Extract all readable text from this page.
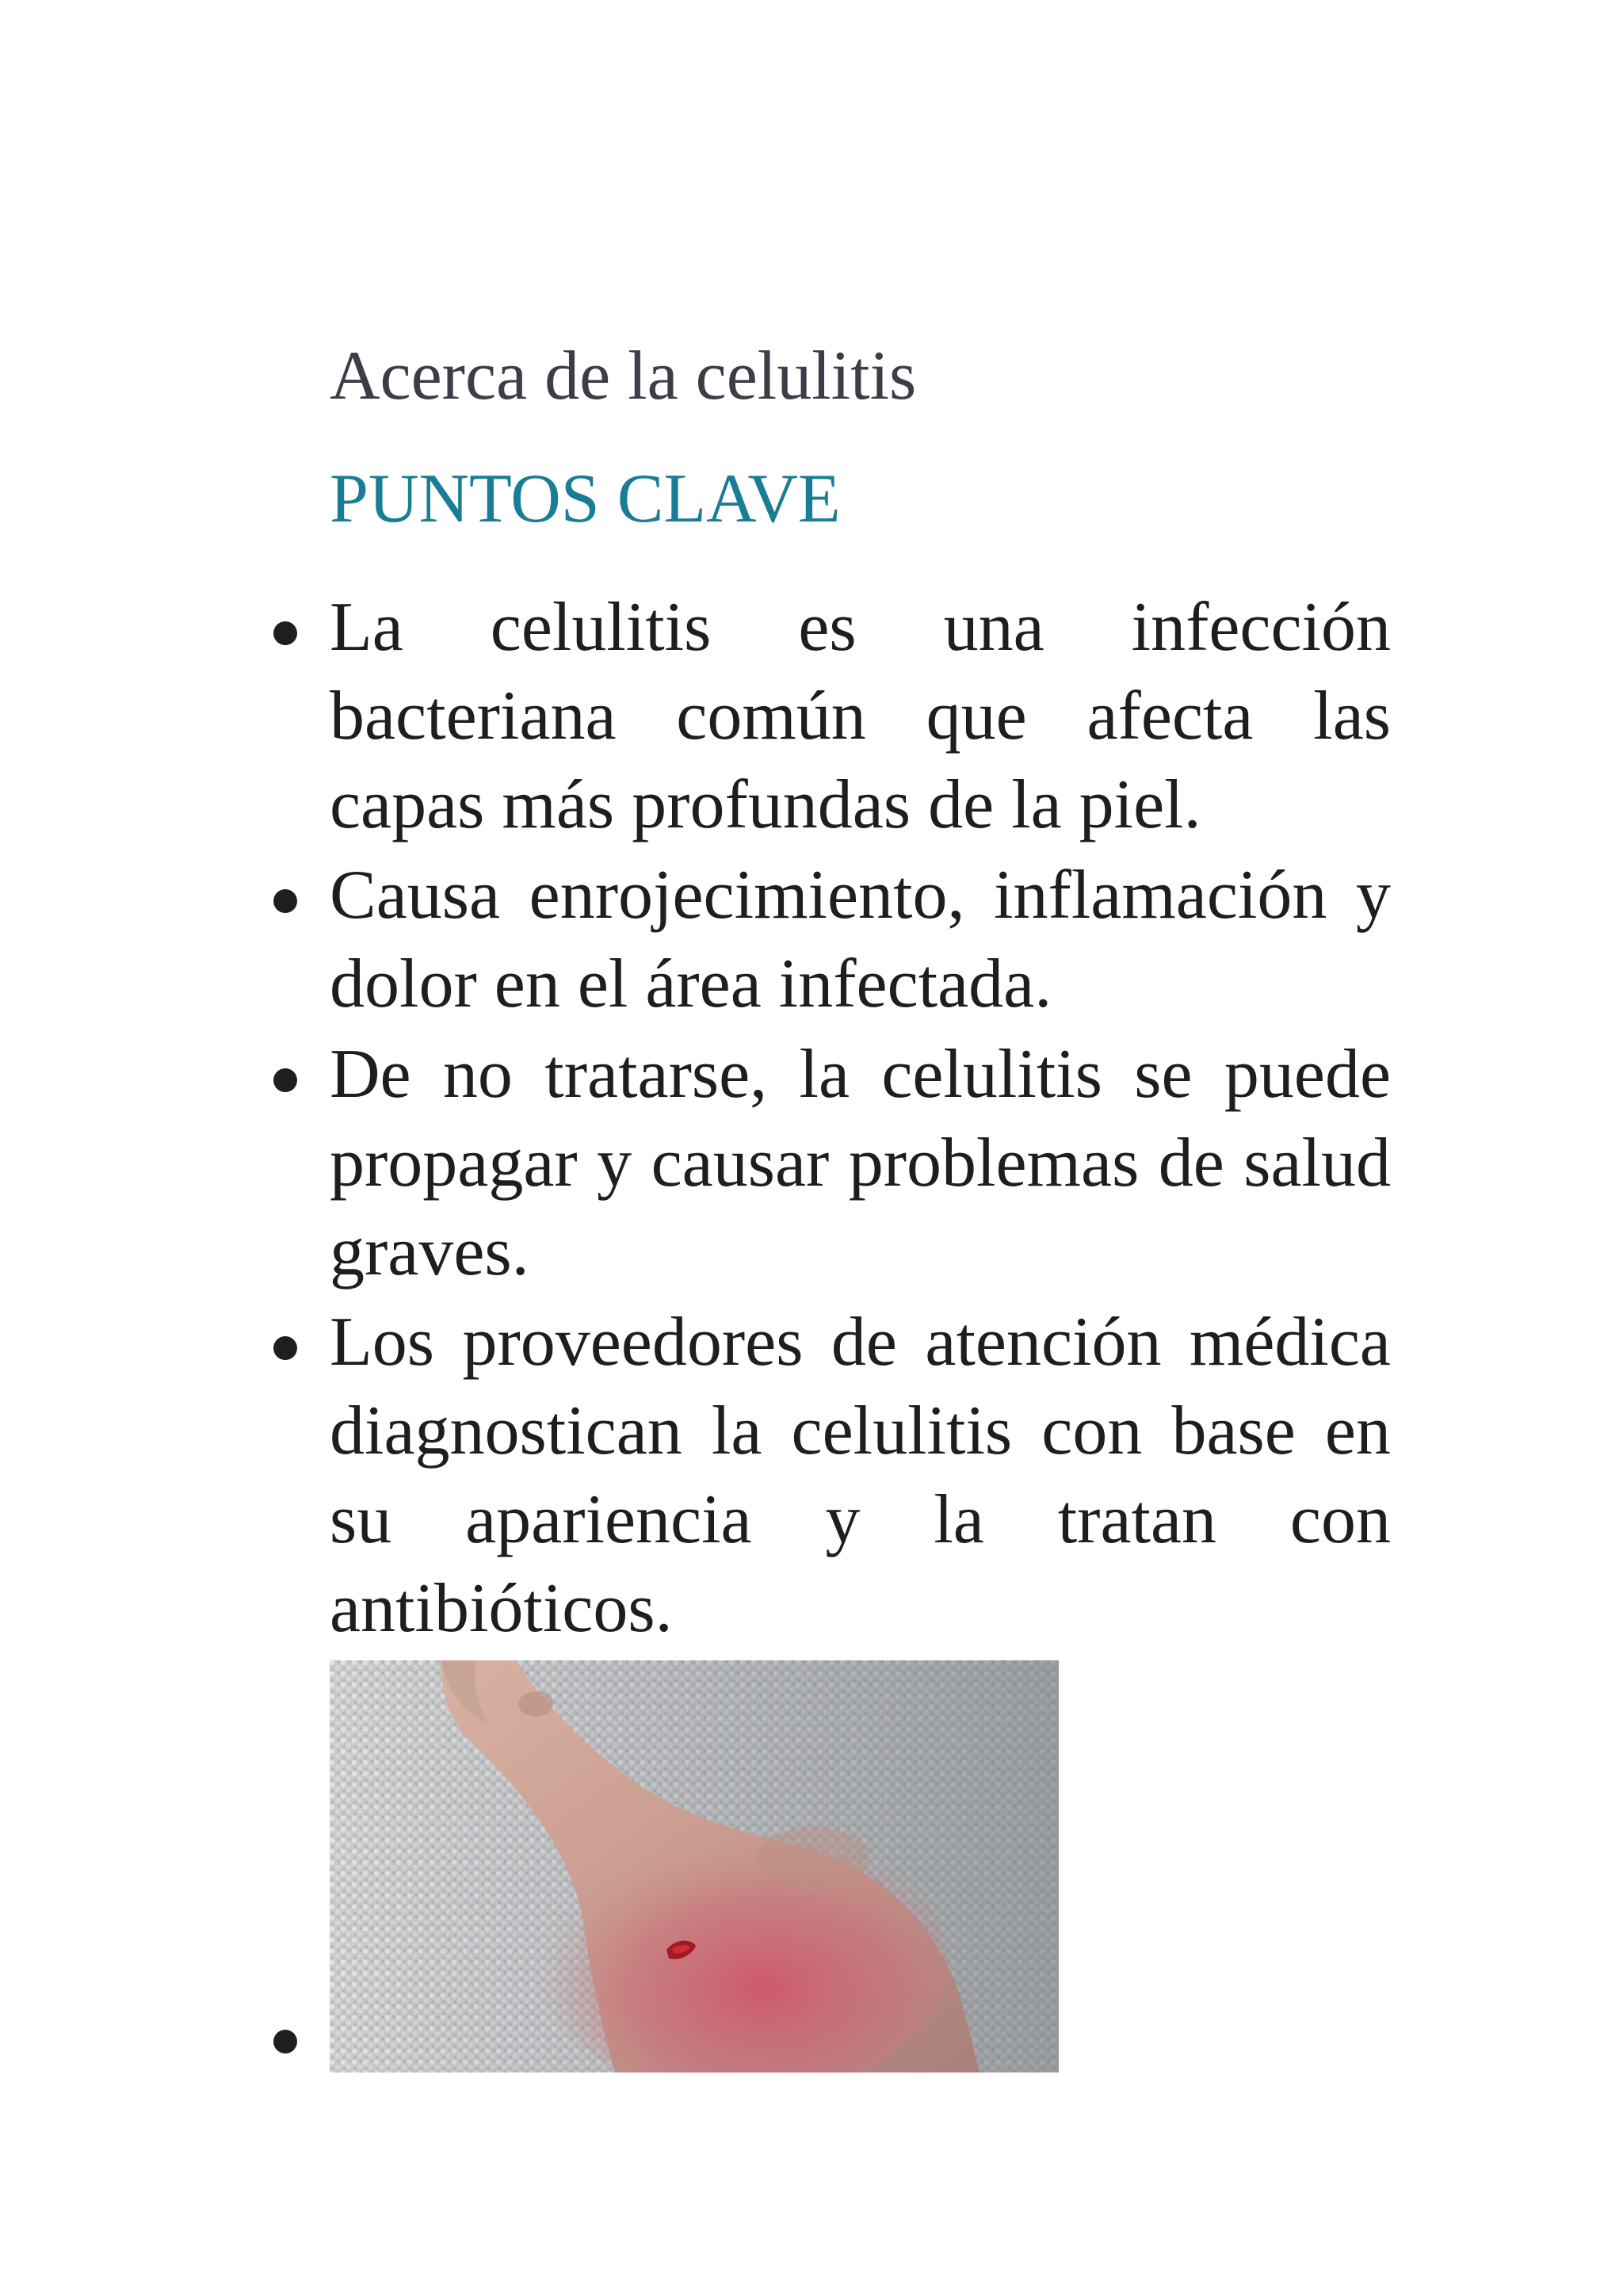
Acerca de la celulitis
PUNTOS CLAVE
La celulitis es una infección bacteriana común que afecta las capas más profundas de la piel.
Causa enrojecimiento, inflamación y dolor en el área infectada.
De no tratarse, la celulitis se puede propagar y causar problemas de salud graves.
Los proveedores de atención médica diagnostican la celulitis con base en su apariencia y la tratan con antibióticos.
